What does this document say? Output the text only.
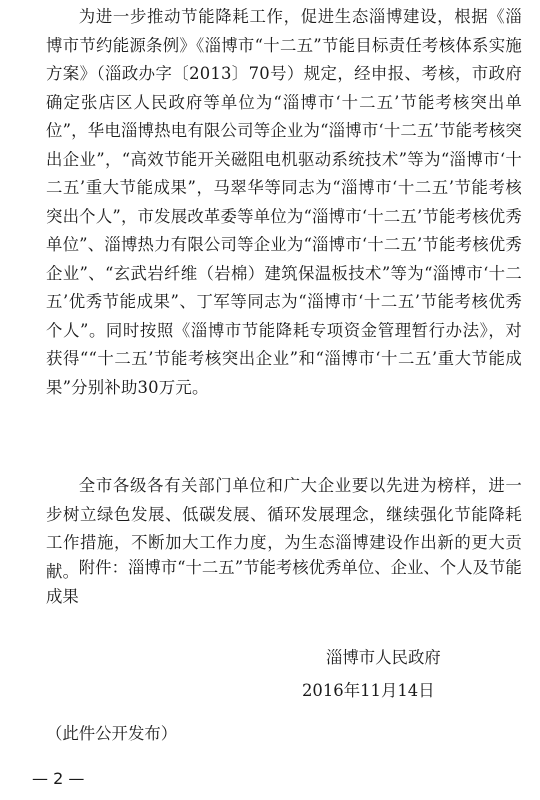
为进一步推动节能降耗工作，促进生态淄博建设，根据《淄博市节约能源条例》《淄博市“十二五”节能目标责任考核体系实施方案》（淄政办字〔2013〕70号）规定，经申报、考核，市政府确定张店区人民政府等单位为“淄博市‘十二五’节能考核突出单位”，华电淄博热电有限公司等企业为“淄博市‘十二五’节能考核突出企业”，“高效节能开关磁阻电机驱动系统技术”等为“淄博市‘十二五’重大节能成果”，马翠华等同志为“淄博市‘十二五’节能考核突出个人”，市发展改革委等单位为“淄博市‘十二五’节能考核优秀单位”、淄博热力有限公司等企业为“淄博市‘十二五’节能考核优秀企业”、“玄武岩纤维（岩棉）建筑保温板技术”等为“淄博市‘十二五’优秀节能成果”、丁军等同志为“淄博市‘十二五’节能考核优秀个人”。同时按照《淄博市节能降耗专项资金管理暂行办法》，对获得““十二五’节能考核突出企业”和“淄博市‘十二五’重大节能成果”分别补助30万元。

全市各级各有关部门单位和广大企业要以先进为榜样，进一步树立绿色发展、低碳发展、循环发展理念，继续强化节能降耗工作措施，不断加大工作力度，为生态淄博建设作出新的更大贡献。 附件：淄博市“十二五”节能考核优秀单位、企业、个人及节能成果

淄博市人民政府

2016年11月14日

（此件公开发布）

— 2 —
